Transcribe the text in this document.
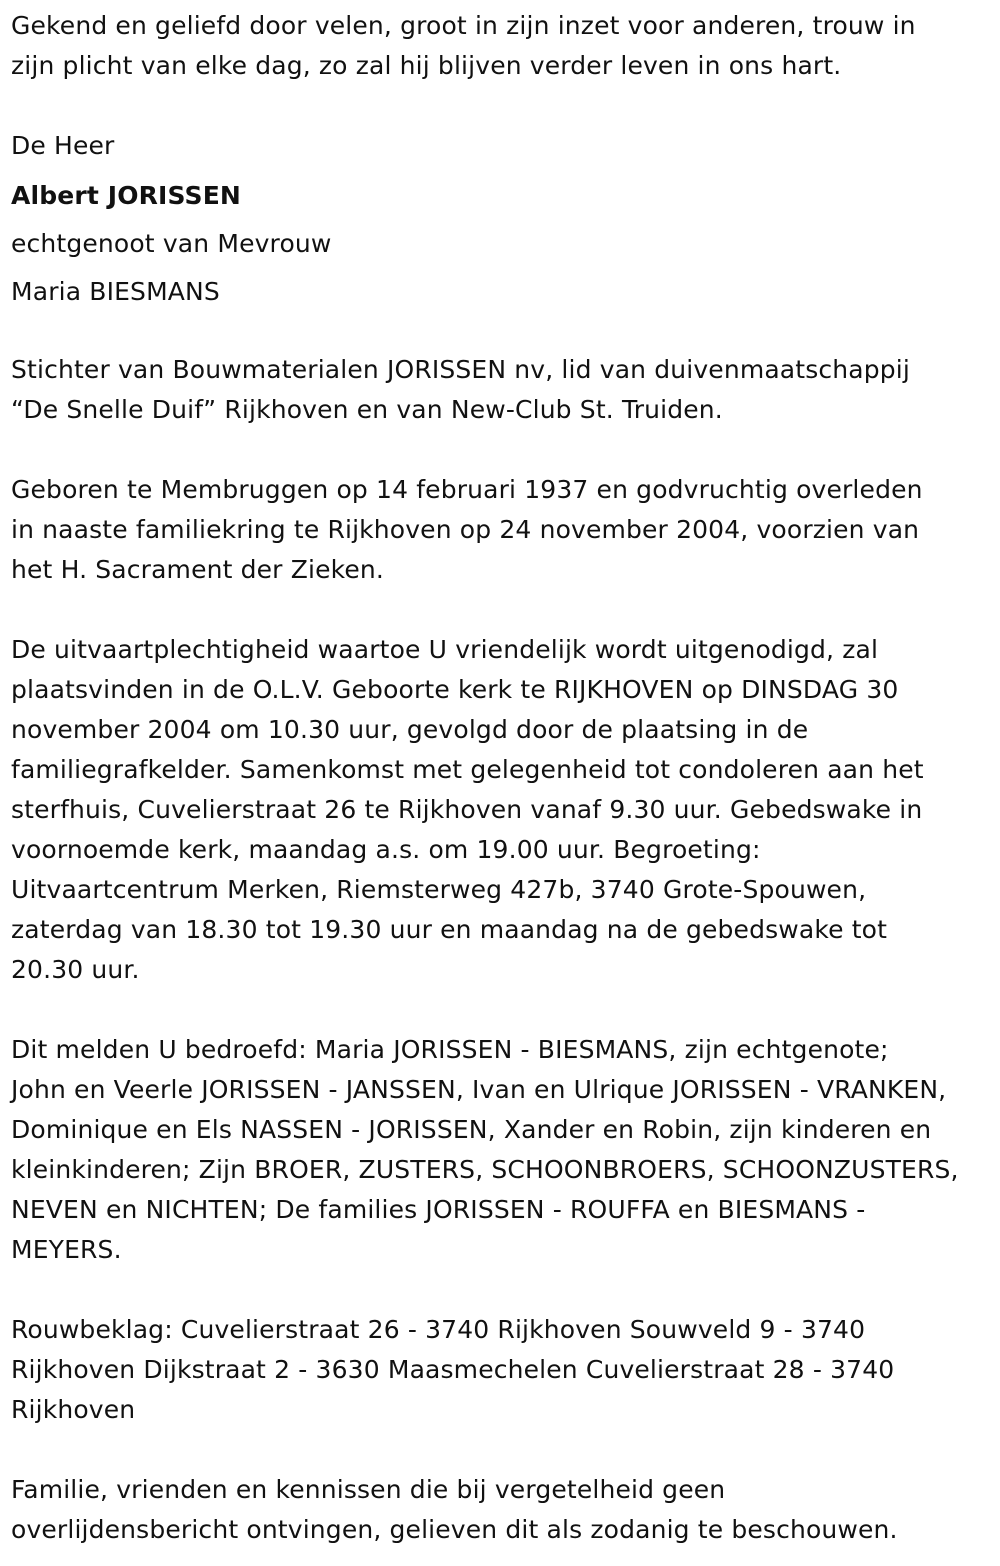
Gekend en geliefd door velen, groot in zijn inzet voor anderen, trouw in
zijn plicht van elke dag, zo zal hij blijven verder leven in ons hart.

De Heer

Albert JORISSEN

echtgenoot van Mevrouw

Maria BIESMANS

Stichter van Bouwmaterialen JORISSEN nv, lid van duivenmaatschappij
“De Snelle Duif” Rijkhoven en van New-Club St. Truiden.

Geboren te Membruggen op 14 februari 1937 en godvruchtig overleden
in naaste familiekring te Rijkhoven op 24 november 2004, voorzien van
het H. Sacrament der Zieken.

De uitvaartplechtigheid waartoe U vriendelijk wordt uitgenodigd, zal
plaatsvinden in de O.L.V. Geboorte kerk te RIJKHOVEN op DINSDAG 30
november 2004 om 10.30 uur, gevolgd door de plaatsing in de
familiegrafkelder. Samenkomst met gelegenheid tot condoleren aan het
sterfhuis, Cuvelierstraat 26 te Rijkhoven vanaf 9.30 uur. Gebedswake in
voornoemde kerk, maandag a.s. om 19.00 uur. Begroeting:
Uitvaartcentrum Merken, Riemsterweg 427b, 3740 Grote-Spouwen,
zaterdag van 18.30 tot 19.30 uur en maandag na de gebedswake tot
20.30 uur.

Dit melden U bedroefd: Maria JORISSEN - BIESMANS, zijn echtgenote;
John en Veerle JORISSEN - JANSSEN, Ivan en Ulrique JORISSEN - VRANKEN,
Dominique en Els NASSEN - JORISSEN, Xander en Robin, zijn kinderen en
kleinkinderen; Zijn BROER, ZUSTERS, SCHOONBROERS, SCHOONZUSTERS,
NEVEN en NICHTEN; De families JORISSEN - ROUFFA en BIESMANS -
MEYERS.

Rouwbeklag: Cuvelierstraat 26 - 3740 Rijkhoven Souwveld 9 - 3740
Rijkhoven Dijkstraat 2 - 3630 Maasmechelen Cuvelierstraat 28 - 3740
Rijkhoven

Familie, vrienden en kennissen die bij vergetelheid geen
overlijdensbericht ontvingen, gelieven dit als zodanig te beschouwen.
